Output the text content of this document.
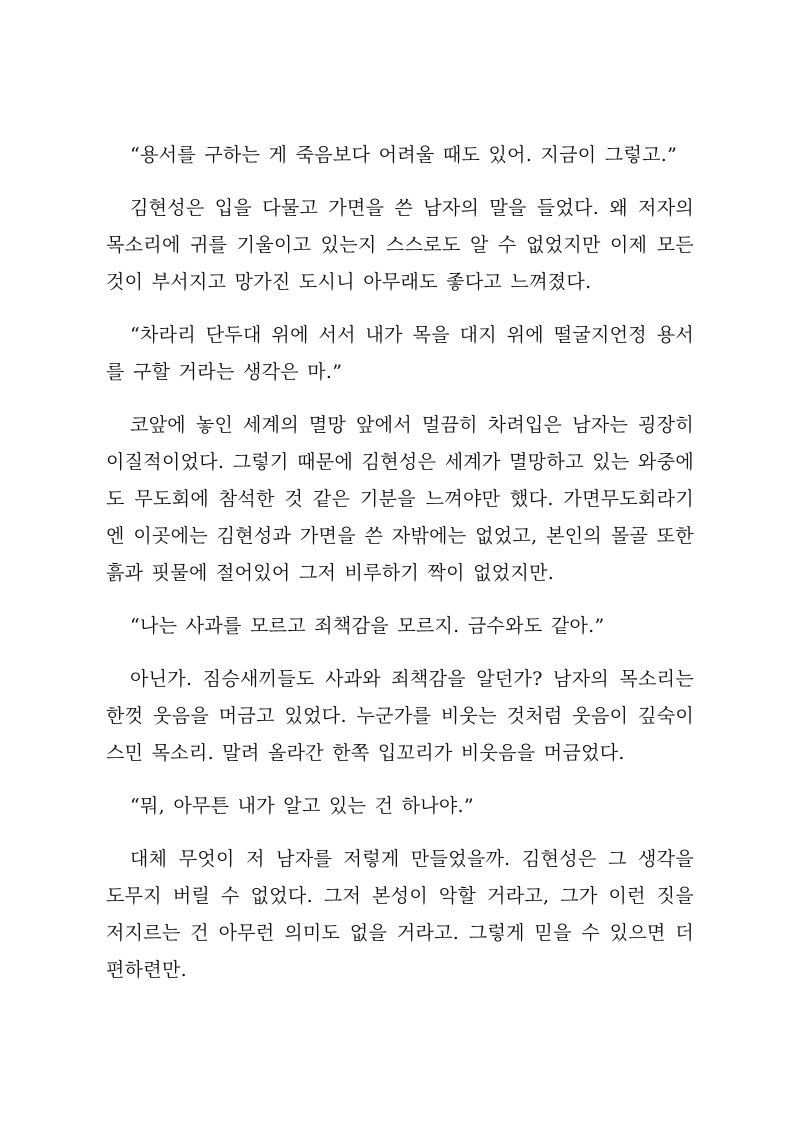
“용서를 구하는 게 죽음보다 어려울 때도 있어. 지금이 그렇고.”

김현성은 입을 다물고 가면을 쓴 남자의 말을 들었다. 왜 저자의 목소리에 귀를 기울이고 있는지 스스로도 알 수 없었지만 이제 모든 것이 부서지고 망가진 도시니 아무래도 좋다고 느껴졌다.

“차라리 단두대 위에 서서 내가 목을 대지 위에 떨굴지언정 용서를 구할 거라는 생각은 마.”

코앞에 놓인 세계의 멸망 앞에서 멀끔히 차려입은 남자는 굉장히 이질적이었다. 그렇기 때문에 김현성은 세계가 멸망하고 있는 와중에도 무도회에 참석한 것 같은 기분을 느껴야만 했다. 가면무도회라기엔 이곳에는 김현성과 가면을 쓴 자밖에는 없었고, 본인의 몰골 또한 흙과 핏물에 절어있어 그저 비루하기 짝이 없었지만.

“나는 사과를 모르고 죄책감을 모르지. 금수와도 같아.”

아닌가. 짐승새끼들도 사과와 죄책감을 알던가? 남자의 목소리는 한껏 웃음을 머금고 있었다. 누군가를 비웃는 것처럼 웃음이 깊숙이 스민 목소리. 말려 올라간 한쪽 입꼬리가 비웃음을 머금었다.

“뭐, 아무튼 내가 알고 있는 건 하나야.”

대체 무엇이 저 남자를 저렇게 만들었을까. 김현성은 그 생각을 도무지 버릴 수 없었다. 그저 본성이 악할 거라고, 그가 이런 짓을 저지르는 건 아무런 의미도 없을 거라고. 그렇게 믿을 수 있으면 더 편하련만.
